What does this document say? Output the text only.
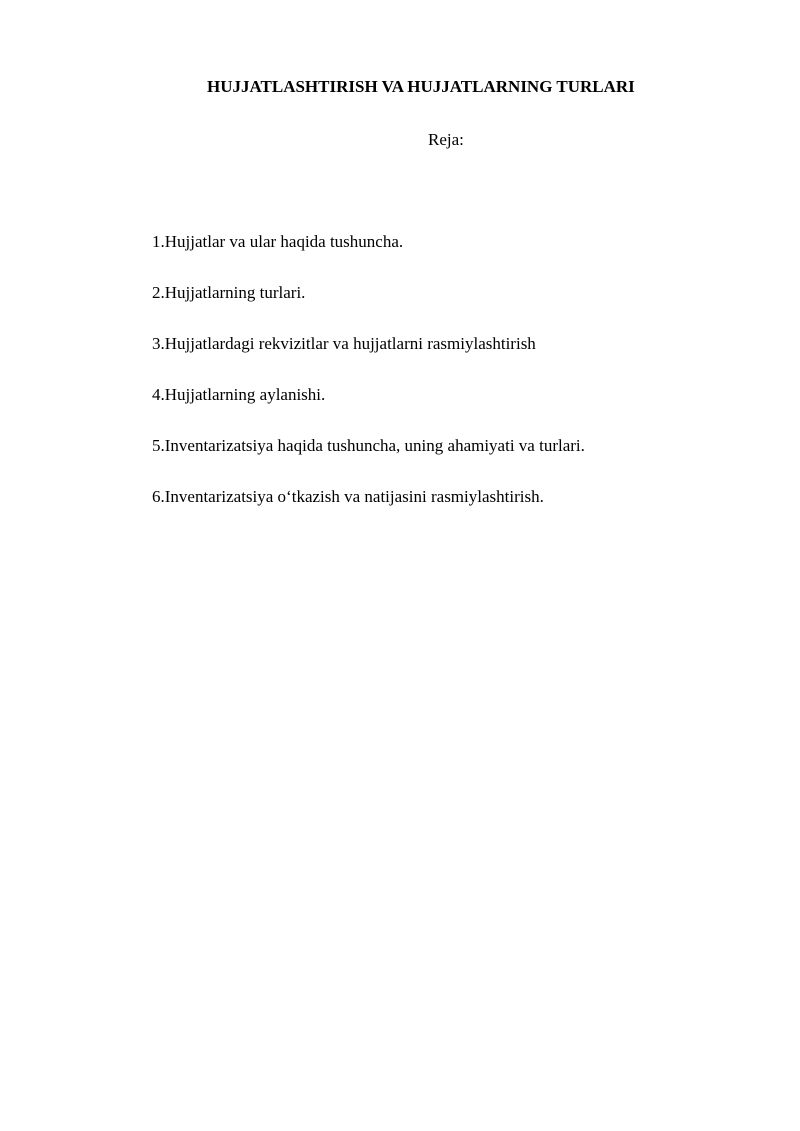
HUJJATLASHTIRISH VA HUJJATLARNING TURLARI
Reja:
1.Hujjatlar va ular haqida tushuncha.
2.Hujjatlarning turlari.
3.Hujjatlardagi rekvizitlar va hujjatlarni rasmiylashtirish
4.Hujjatlarning aylanishi.
5.Inventarizatsiya haqida tushuncha, uning ahamiyati va turlari.
6.Inventarizatsiya o‘tkazish va natijasini rasmiylashtirish.
